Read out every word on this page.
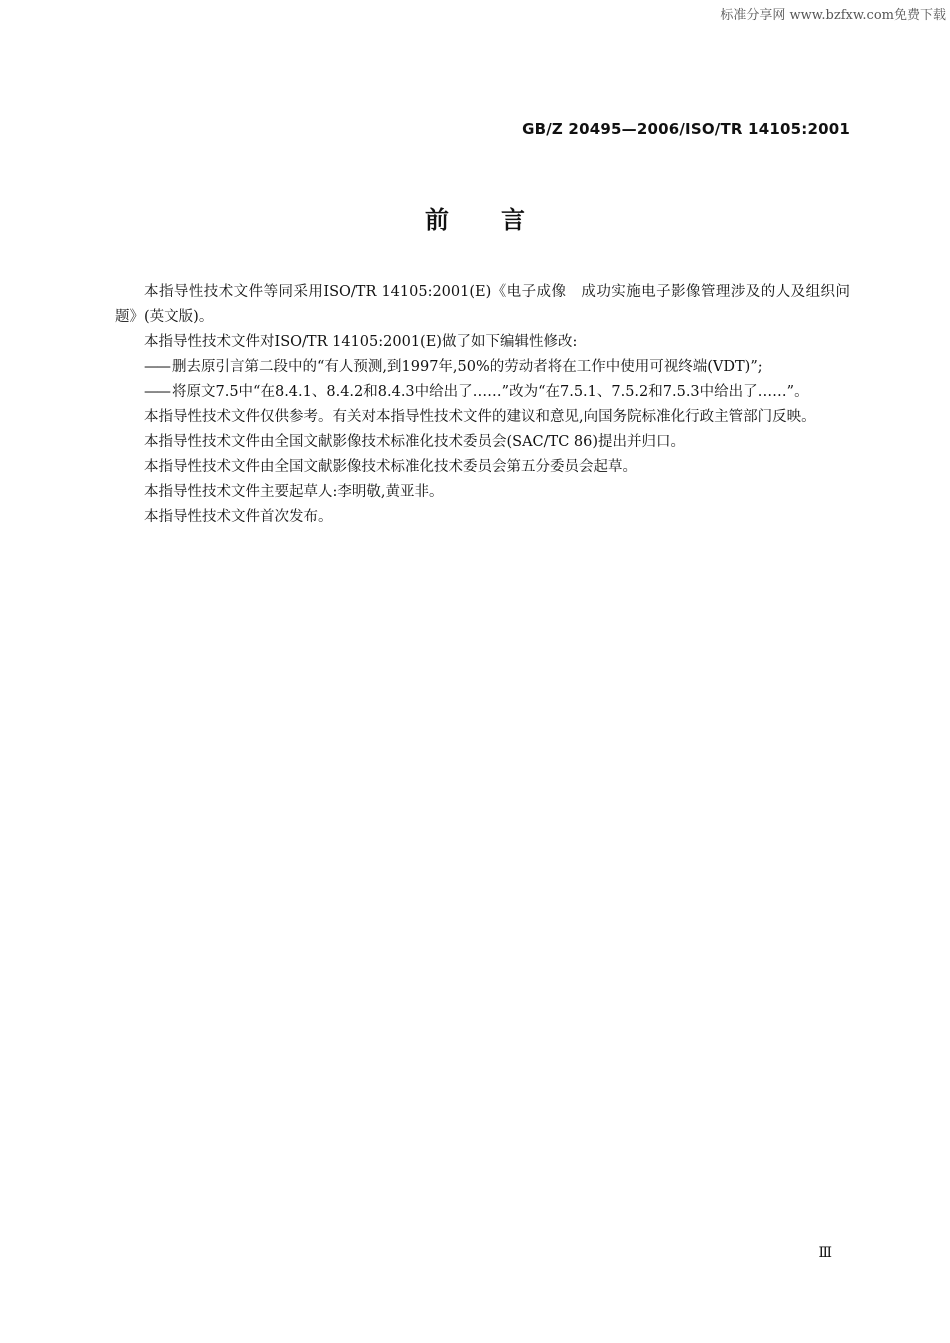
标准分享网 www.bzfxw.com免费下载
GB/Z 20495—2006/ISO/TR 14105:2001
前言

本指导性技术文件等同采用ISO/TR 14105:2001(E)《电子成像　成功实施电子影像管理涉及的人及组织问题》(英文版)。

本指导性技术文件对ISO/TR 14105:2001(E)做了如下编辑性修改:

—— 删去原引言第二段中的“有人预测,到1997年,50%的劳动者将在工作中使用可视终端(VDT)”;

—— 将原文7.5中“在8.4.1、8.4.2和8.4.3中给出了……”改为“在7.5.1、7.5.2和7.5.3中给出了……”。

本指导性技术文件仅供参考。有关对本指导性技术文件的建议和意见,向国务院标准化行政主管部门反映。

本指导性技术文件由全国文献影像技术标准化技术委员会(SAC/TC 86)提出并归口。

本指导性技术文件由全国文献影像技术标准化技术委员会第五分委员会起草。

本指导性技术文件主要起草人:李明敬,黄亚非。

本指导性技术文件首次发布。

Ⅲ
